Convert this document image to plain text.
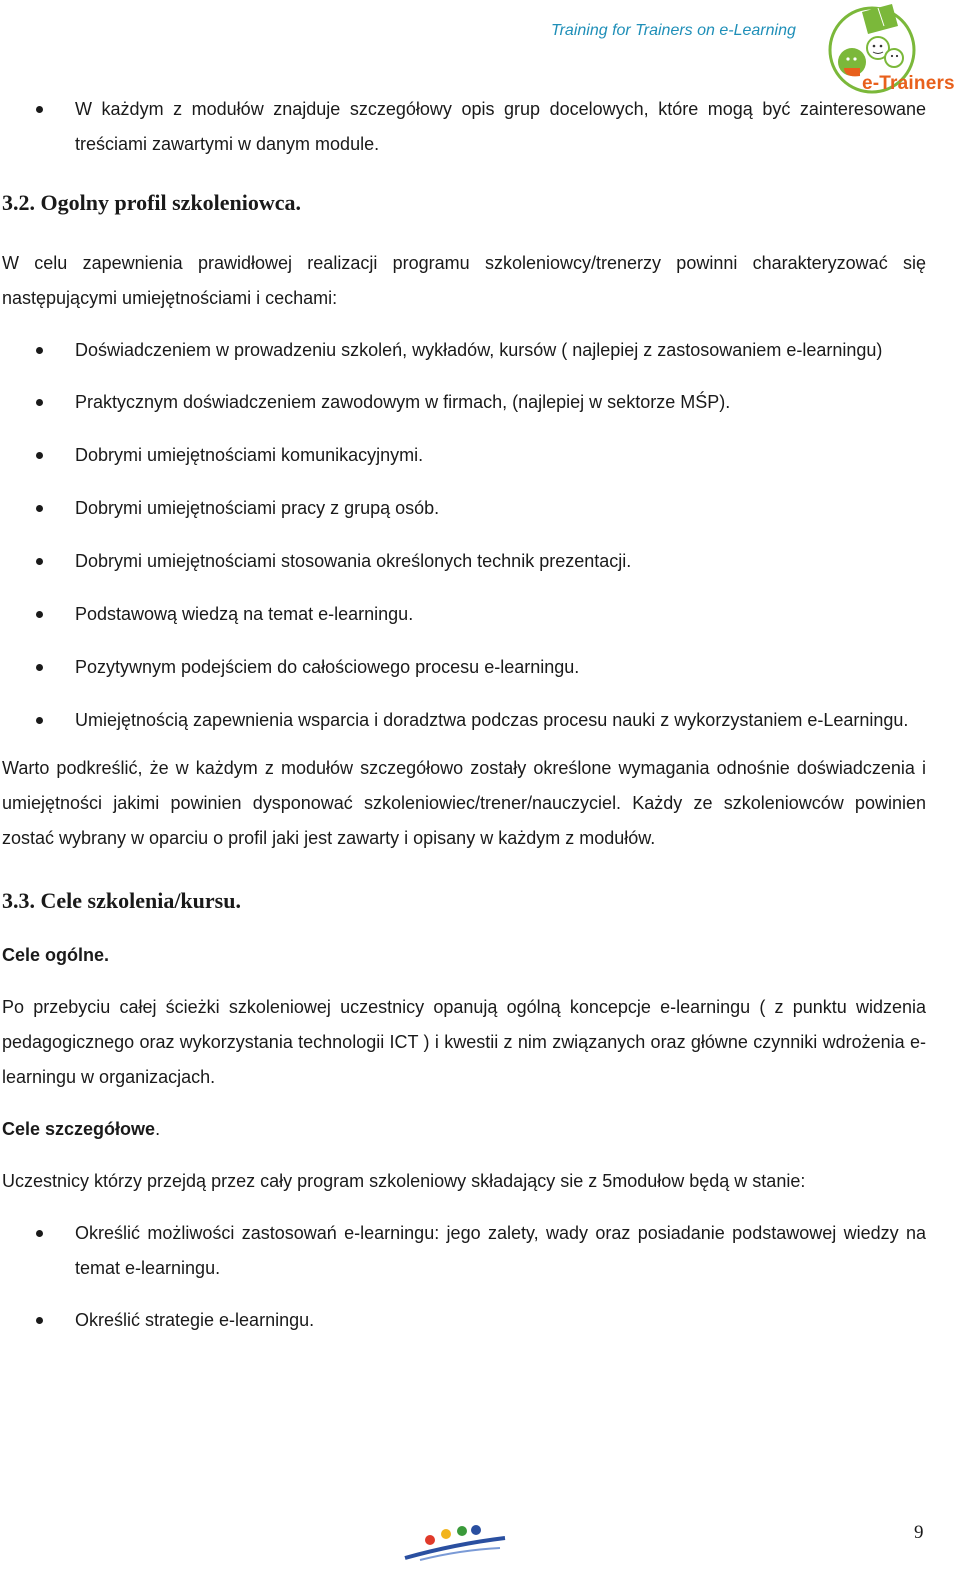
Training for Trainers on e-Learning
e-Trainers
W każdym z modułów znajduje szczegółowy opis grup docelowych, które mogą być zainteresowane treściami zawartymi w danym module.
3.2. Ogolny profil szkoleniowca.

W celu zapewnienia prawidłowej realizacji programu szkoleniowcy/trenerzy powinni charakteryzować się następującymi umiejętnościami i cechami:

Doświadczeniem w prowadzeniu szkoleń, wykładów, kursów ( najlepiej z zastosowaniem e-learningu)
Praktycznym doświadczeniem zawodowym w firmach, (najlepiej w sektorze MŚP).
Dobrymi umiejętnościami komunikacyjnymi.
Dobrymi umiejętnościami pracy z grupą osób.
Dobrymi umiejętnościami stosowania określonych technik prezentacji.
Podstawową wiedzą na temat e-learningu.
Pozytywnym podejściem do całościowego procesu e-learningu.
Umiejętnością zapewnienia wsparcia i doradztwa podczas procesu nauki z wykorzystaniem e-Learningu.

Warto podkreślić, że w każdym z modułów szczegółowo zostały określone wymagania odnośnie doświadczenia i umiejętności jakimi powinien dysponować szkoleniowiec/trener/nauczyciel. Każdy ze szkoleniowców powinien zostać wybrany w oparciu o profil jaki jest zawarty i opisany w każdym z modułów.

3.3. Cele szkolenia/kursu.

Cele ogólne.

Po przebyciu całej ścieżki szkoleniowej uczestnicy opanują ogólną koncepcje e-learningu ( z punktu widzenia pedagogicznego oraz wykorzystania technologii ICT ) i kwestii z nim związanych oraz główne czynniki wdrożenia e-learningu w organizacjach.

Cele szczegółowe.

Uczestnicy którzy przejdą przez cały program szkoleniowy składający sie z 5modułow będą w stanie:

Określić możliwości zastosowań e-learningu: jego zalety, wady oraz posiadanie podstawowej wiedzy na temat e-learningu.
Określić strategie e-learningu.
9
